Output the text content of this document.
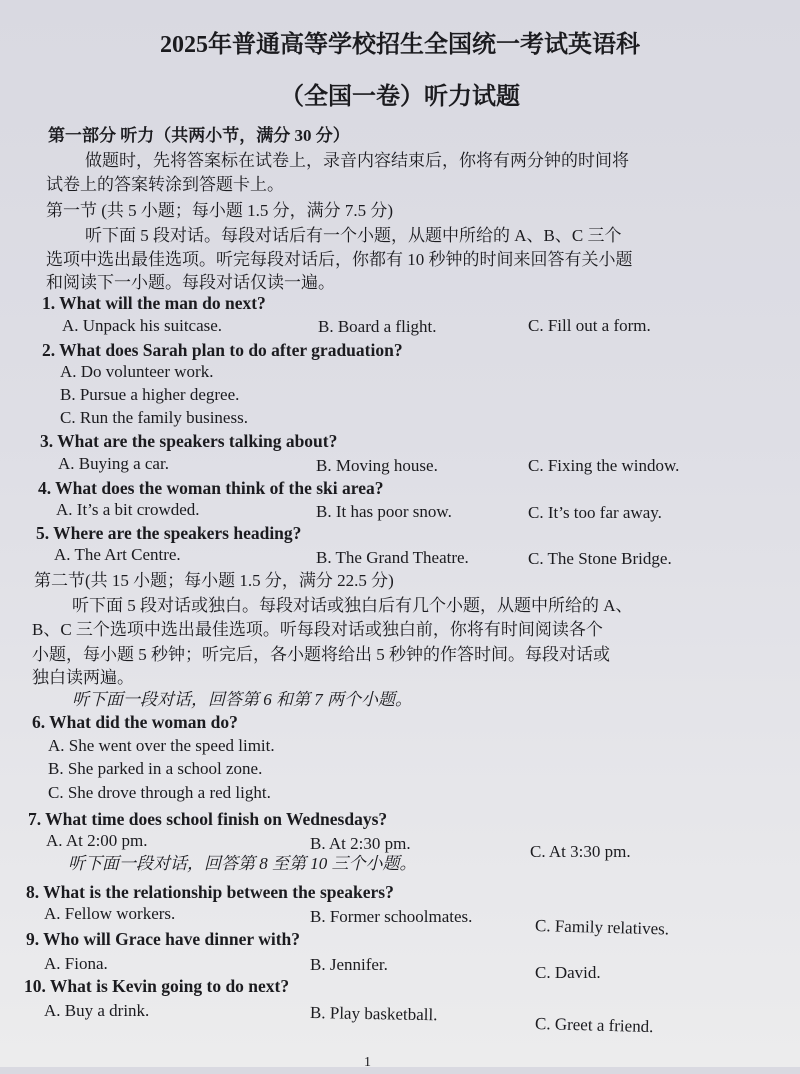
2025年普通高等学校招生全国统一考试英语科
（全国一卷）听力试题
第一部分 听力（共两小节，满分 30 分）
做题时，先将答案标在试卷上，录音内容结束后，你将有两分钟的时间将
试卷上的答案转涂到答题卡上。
第一节 (共 5 小题；每小题 1.5 分，满分 7.5 分)
听下面 5 段对话。每段对话后有一个小题，从题中所给的 A、B、C 三个
选项中选出最佳选项。听完每段对话后，你都有 10 秒钟的时间来回答有关小题
和阅读下一小题。每段对话仅读一遍。
1. What will the man do next?
A. Unpack his suitcase.	B. Board a flight.	C. Fill out a form.
2. What does Sarah plan to do after graduation?
A. Do volunteer work.
B. Pursue a higher degree.
C. Run the family business.
3. What are the speakers talking about?
A. Buying a car.	B. Moving house.	C. Fixing the window.
4. What does the woman think of the ski area?
A. It’s a bit crowded.	B. It has poor snow.	C. It’s too far away.
5. Where are the speakers heading?
A. The Art Centre.	B. The Grand Theatre.	C. The Stone Bridge.
第二节(共 15 小题；每小题 1.5 分，满分 22.5 分)
听下面 5 段对话或独白。每段对话或独白后有几个小题，从题中所给的 A、
B、C 三个选项中选出最佳选项。听每段对话或独白前，你将有时间阅读各个
小题，每小题 5 秒钟；听完后，各小题将给出 5 秒钟的作答时间。每段对话或
独白读两遍。
听下面一段对话，回答第 6 和第 7 两个小题。
6. What did the woman do?
A. She went over the speed limit.
B. She parked in a school zone.
C. She drove through a red light.
7. What time does school finish on Wednesdays?
A. At 2:00 pm.	B. At 2:30 pm.	C. At 3:30 pm.
听下面一段对话，回答第 8 至第 10 三个小题。
8. What is the relationship between the speakers?
A. Fellow workers.	B. Former schoolmates.	C. Family relatives.
9. Who will Grace have dinner with?
A. Fiona.	B. Jennifer.	C. David.
10. What is Kevin going to do next?
A. Buy a drink.	B. Play basketball.
C. Greet a friend.
1
